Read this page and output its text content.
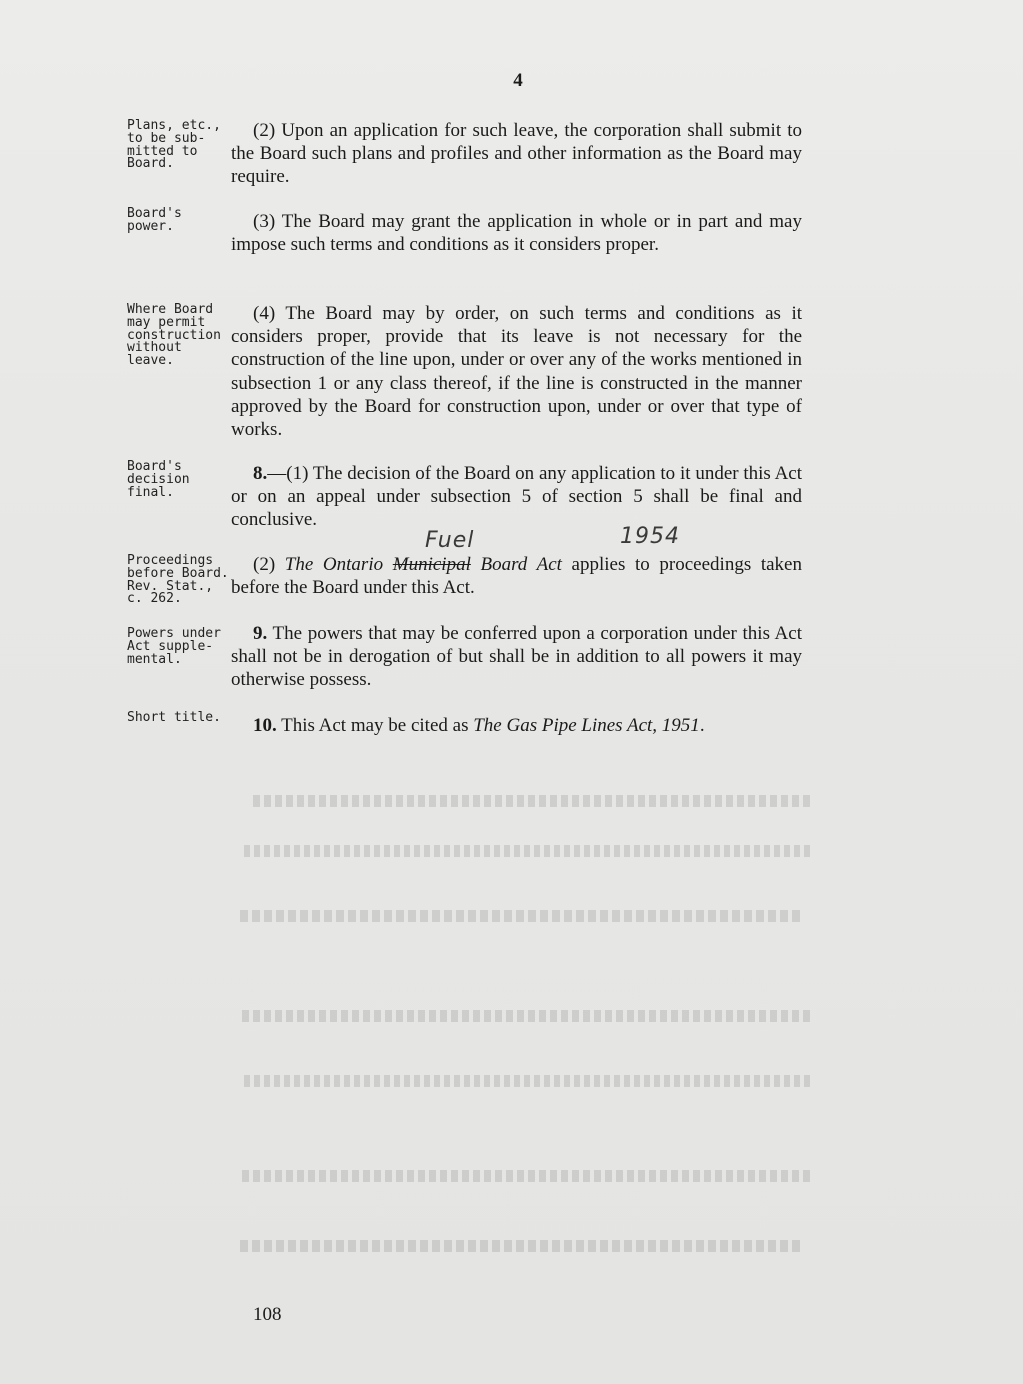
4
Plans, etc., to be sub- mitted to Board.
Board's power.
Where Board may permit construction without leave.
Board's decision final.
Proceedings before Board. Rev. Stat., c. 262.
Powers under Act supple- mental.
Short title.
(2) Upon an application for such leave, the corporation shall submit to the Board such plans and profiles and other information as the Board may require.
(3) The Board may grant the application in whole or in part and may impose such terms and conditions as it considers proper.
(4) The Board may by order, on such terms and conditions as it considers proper, provide that its leave is not necessary for the construction of the line upon, under or over any of the works mentioned in subsection 1 or any class thereof, if the line is constructed in the manner approved by the Board for construction upon, under or over that type of works.
8.—(1) The decision of the Board on any application to it under this Act or on an appeal under subsection 5 of section 5 shall be final and conclusive.
Fuel	1954
(2) The Ontario Municipal Board Act applies to proceedings taken before the Board under this Act.
9. The powers that may be conferred upon a corporation under this Act shall not be in derogation of but shall be in addition to all powers it may otherwise possess.
10. This Act may be cited as The Gas Pipe Lines Act, 1951.
108
